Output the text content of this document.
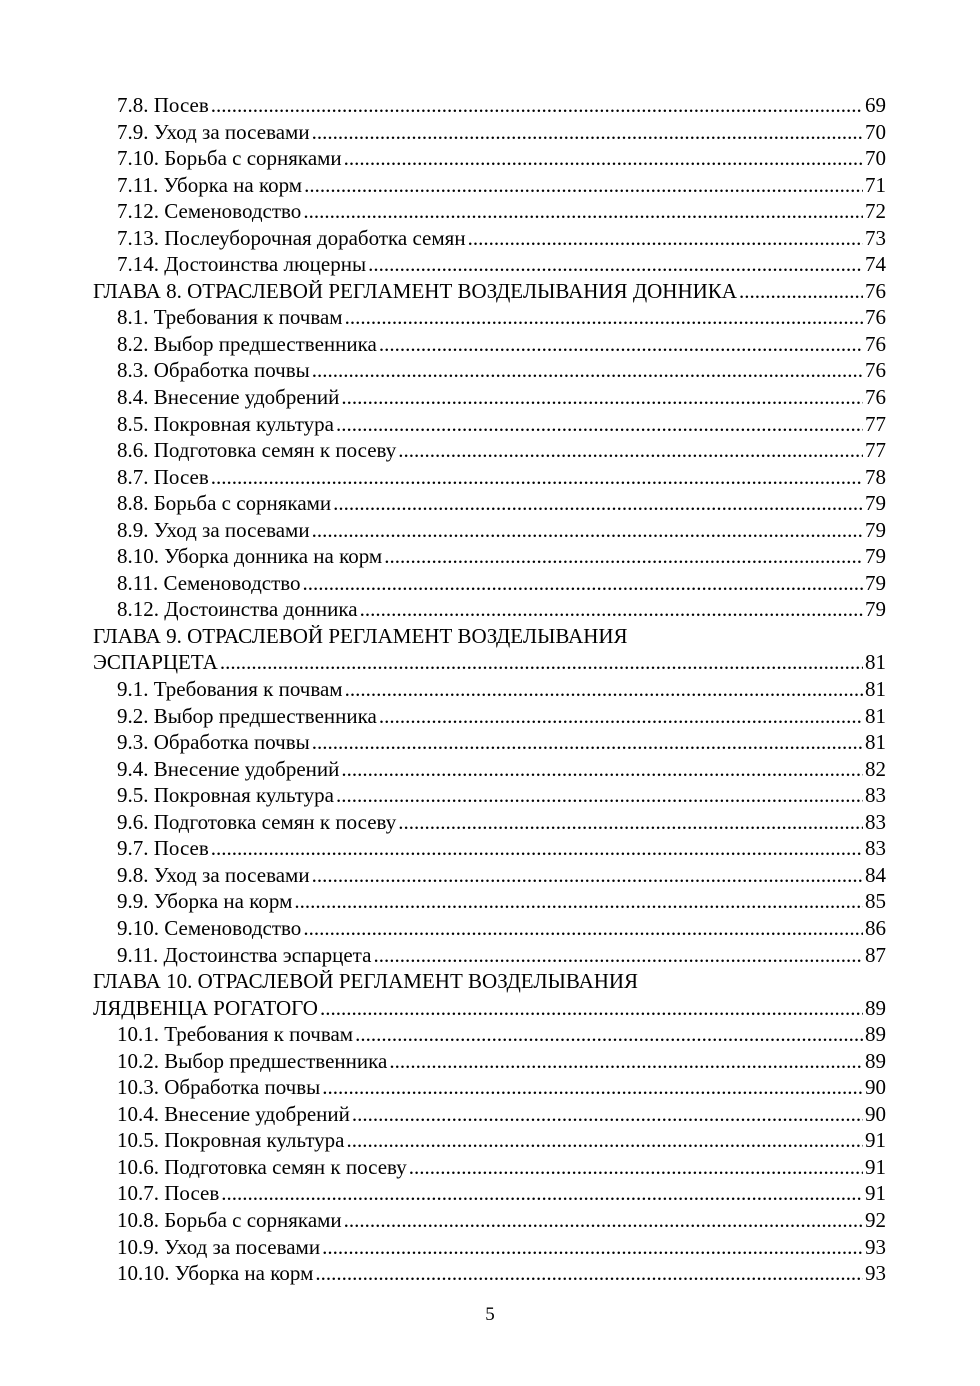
7.8. Посев .....	69
7.9. Уход за посевами .....	70
7.10. Борьба с сорняками .....	70
7.11. Уборка на корм .....	71
7.12. Семеноводство .....	72
7.13. Послеуборочная доработка семян .....	73
7.14. Достоинства люцерны .....	74
ГЛАВА 8. ОТРАСЛЕВОЙ РЕГЛАМЕНТ ВОЗДЕЛЫВАНИЯ ДОННИКА .....	76
8.1. Требования к почвам .....	76
8.2. Выбор предшественника .....	76
8.3. Обработка почвы .....	76
8.4. Внесение удобрений .....	76
8.5. Покровная культура .....	77
8.6. Подготовка семян к посеву .....	77
8.7. Посев .....	78
8.8. Борьба с сорняками .....	79
8.9. Уход за посевами .....	79
8.10. Уборка донника на корм .....	79
8.11. Семеноводство .....	79
8.12. Достоинства донника .....	79
ГЛАВА 9. ОТРАСЛЕВОЙ РЕГЛАМЕНТ ВОЗДЕЛЫВАНИЯ
ЭСПАРЦЕТА .....	81
9.1. Требования к почвам .....	81
9.2. Выбор предшественника .....	81
9.3. Обработка почвы .....	81
9.4. Внесение удобрений .....	82
9.5. Покровная культура .....	83
9.6. Подготовка семян к посеву .....	83
9.7. Посев .....	83
9.8. Уход за посевами .....	84
9.9. Уборка на корм .....	85
9.10. Семеноводство .....	86
9.11. Достоинства эспарцета .....	87
ГЛАВА 10. ОТРАСЛЕВОЙ РЕГЛАМЕНТ ВОЗДЕЛЫВАНИЯ
ЛЯДВЕНЦА РОГАТОГО .....	89
10.1. Требования к почвам .....	89
10.2. Выбор предшественника .....	89
10.3. Обработка почвы .....	90
10.4. Внесение удобрений .....	90
10.5. Покровная культура .....	91
10.6. Подготовка семян к посеву .....	91
10.7. Посев .....	91
10.8. Борьба с сорняками .....	92
10.9. Уход за посевами .....	93
10.10. Уборка на корм .....	93
5
